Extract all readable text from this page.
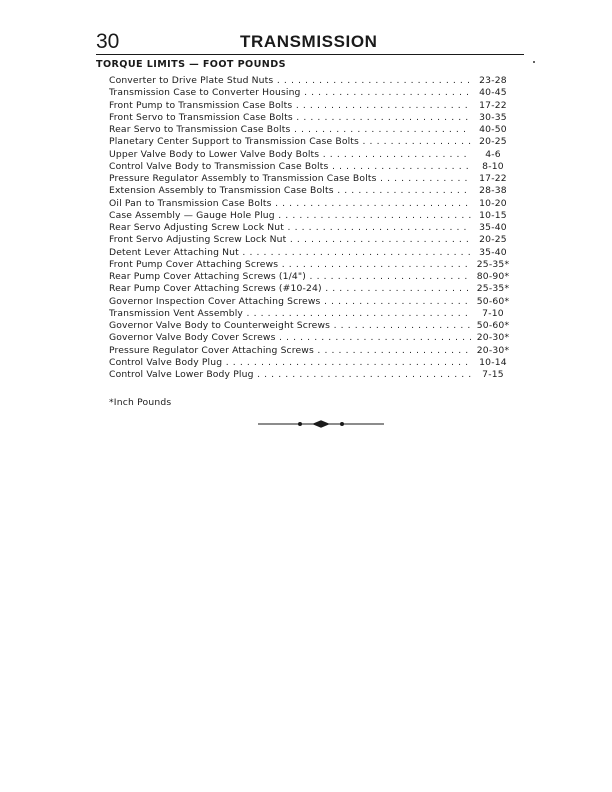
30	TRANSMISSION
TORQUE LIMITS — FOOT POUNDS
Converter to Drive Plate Stud Nuts . . .	23-28
Transmission Case to Converter Housing . . .	40-45
Front Pump to Transmission Case Bolts . . .	17-22
Front Servo to Transmission Case Bolts . . .	30-35
Rear Servo to Transmission Case Bolts . . .	40-50
Planetary Center Support to Transmission Case Bolts . . .	20-25
Upper Valve Body to Lower Valve Body Bolts . . .	4-6
Control Valve Body to Transmission Case Bolts . . .	8-10
Pressure Regulator Assembly to Transmission Case Bolts . . .	17-22
Extension Assembly to Transmission Case Bolts . . .	28-38
Oil Pan to Transmission Case Bolts . . .	10-20
Case Assembly — Gauge Hole Plug . . .	10-15
Rear Servo Adjusting Screw Lock Nut . . .	35-40
Front Servo Adjusting Screw Lock Nut . . .	20-25
Detent Lever Attaching Nut . . .	35-40
Front Pump Cover Attaching Screws . . .	25-35*
Rear Pump Cover Attaching Screws (1/4") . . .	80-90*
Rear Pump Cover Attaching Screws (#10-24) . . .	25-35*
Governor Inspection Cover Attaching Screws . . .	50-60*
Transmission Vent Assembly . . .	7-10
Governor Valve Body to Counterweight Screws . . .	50-60*
Governor Valve Body Cover Screws . . .	20-30*
Pressure Regulator Cover Attaching Screws . . .	20-30*
Control Valve Body Plug . . .	10-14
Control Valve Lower Body Plug . . .	7-15
*Inch Pounds
